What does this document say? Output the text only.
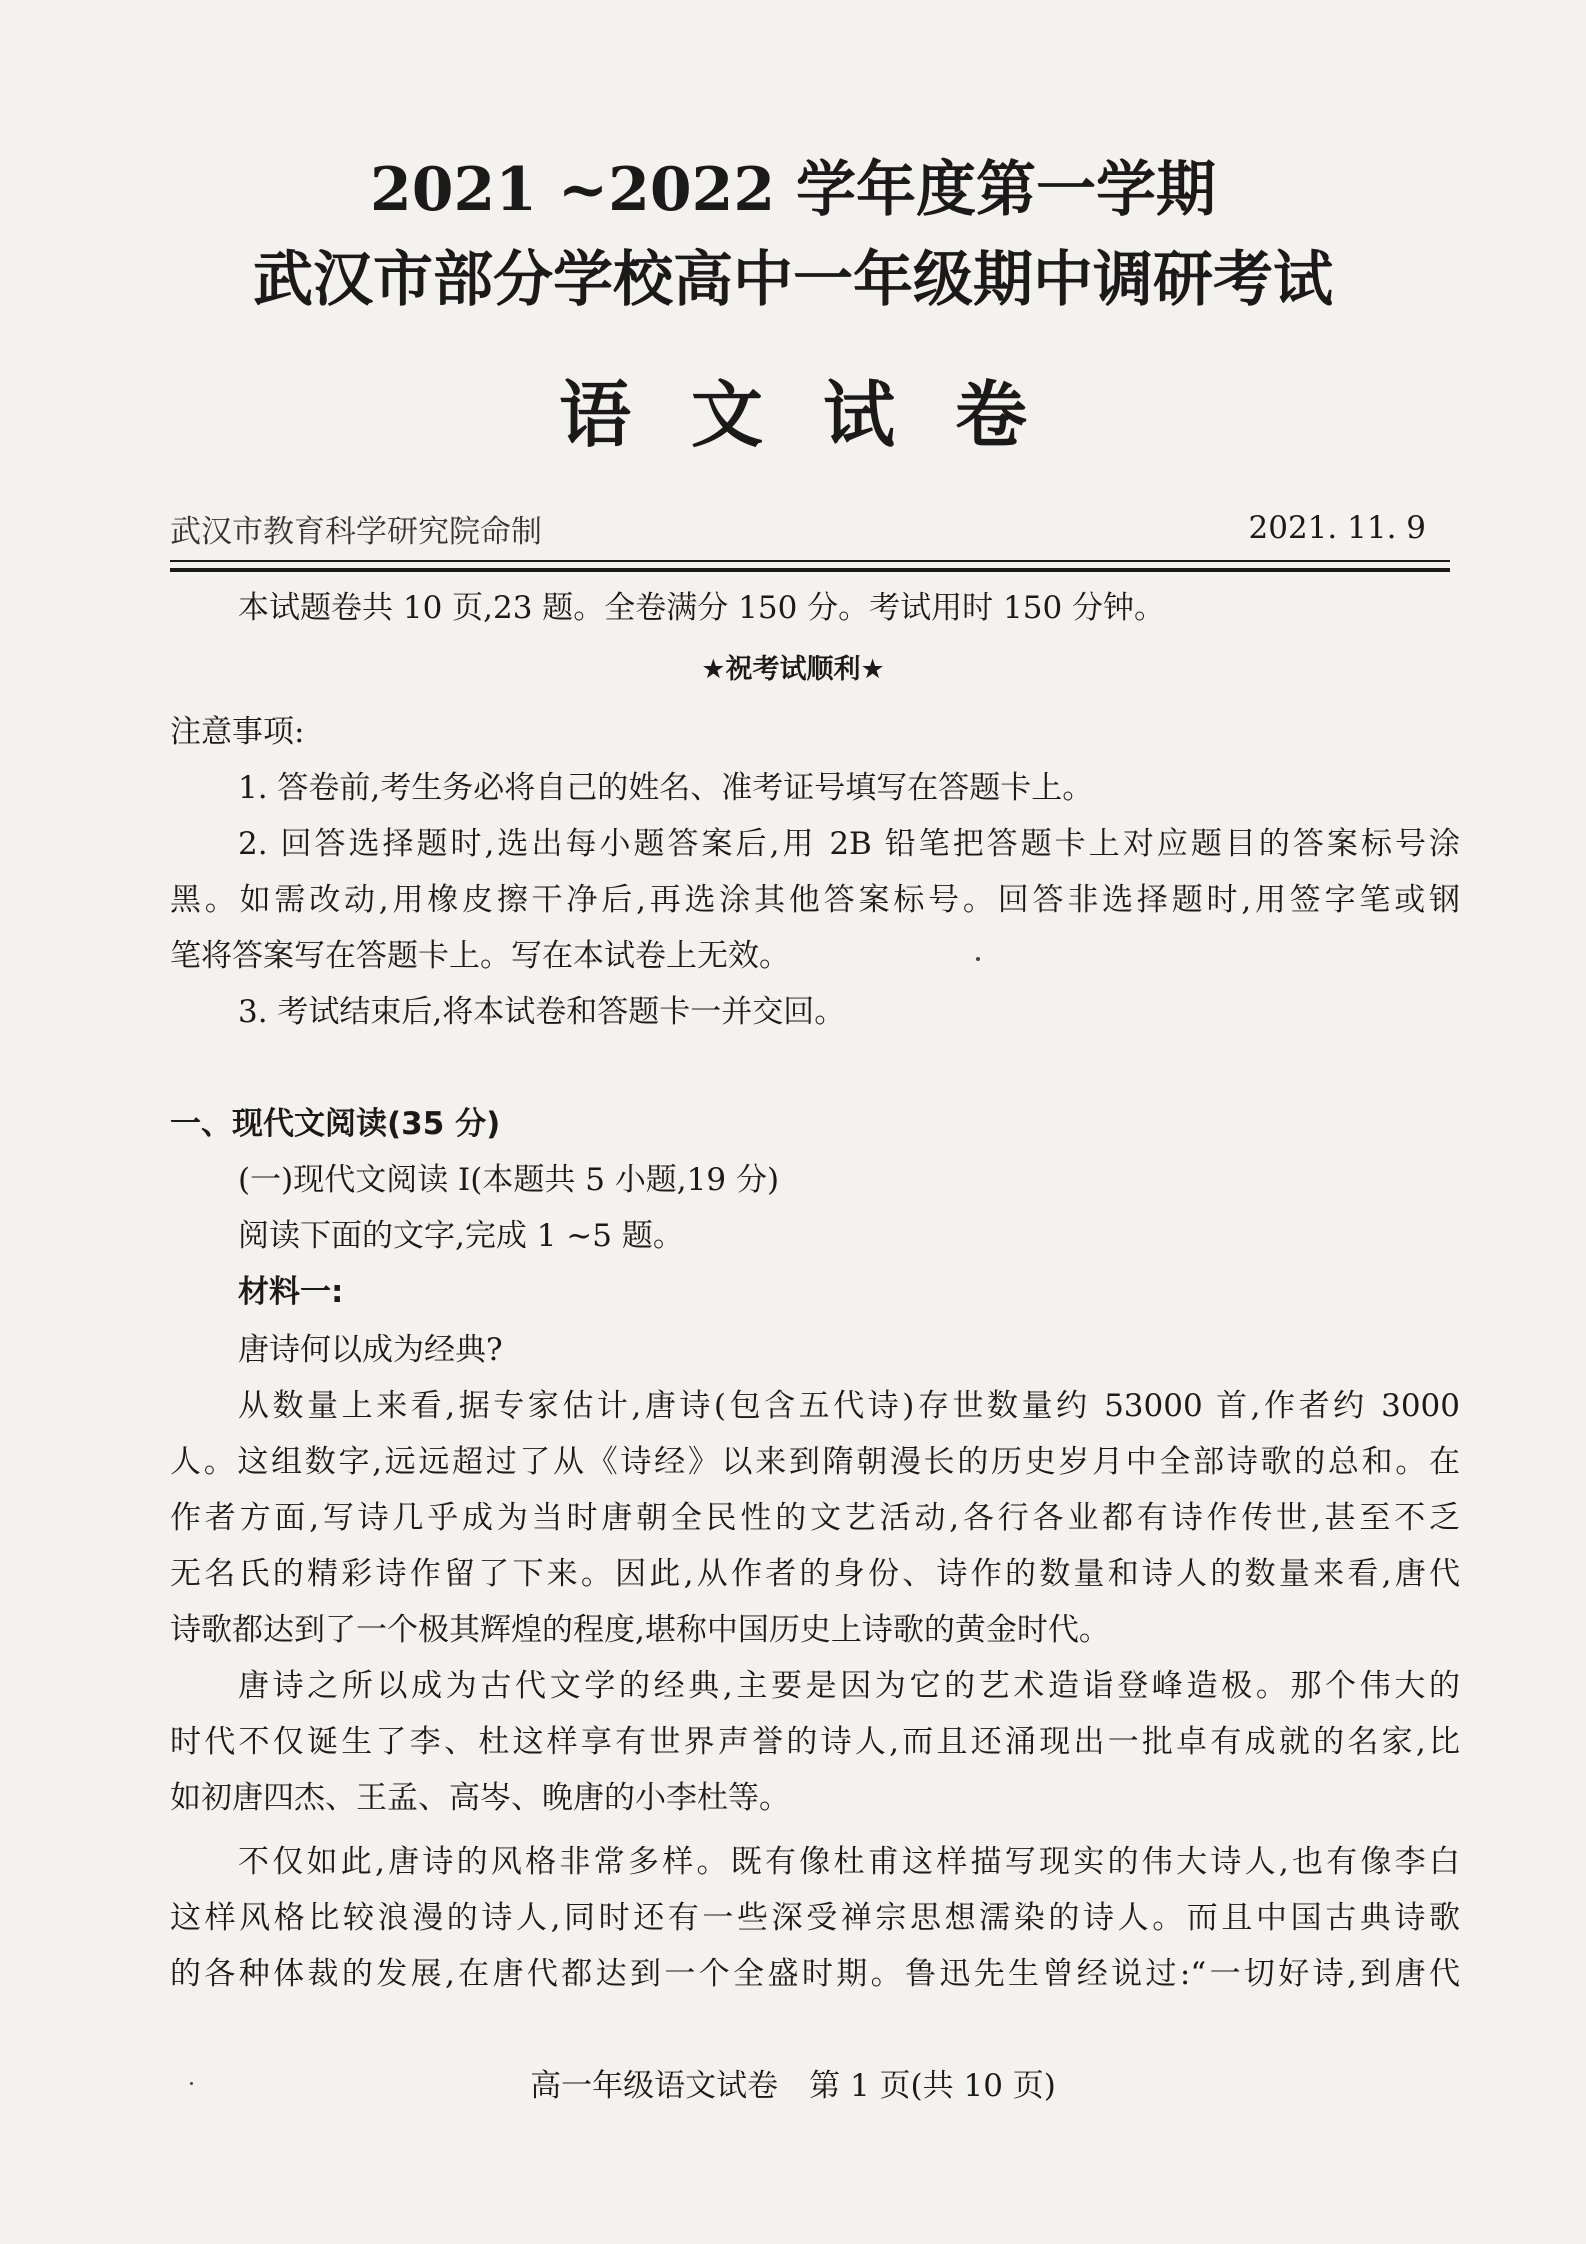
2021 ~2022 学年度第一学期
武汉市部分学校高中一年级期中调研考试
语文试卷
武汉市教育科学研究院命制	2021. 11. 9
本试题卷共 10 页,23 题。全卷满分 150 分。考试用时 150 分钟。
★祝考试顺利★
注意事项:
1. 答卷前,考生务必将自己的姓名、准考证号填写在答题卡上。
2. 回答选择题时,选出每小题答案后,用 2B 铅笔把答题卡上对应题目的答案标号涂
黑。如需改动,用橡皮擦干净后,再选涂其他答案标号。回答非选择题时,用签字笔或钢
笔将答案写在答题卡上。写在本试卷上无效。
3. 考试结束后,将本试卷和答题卡一并交回。
一、现代文阅读(35 分)
(一)现代文阅读 I(本题共 5 小题,19 分)
阅读下面的文字,完成 1 ~5 题。
材料一:
唐诗何以成为经典?
从数量上来看,据专家估计,唐诗(包含五代诗)存世数量约 53000 首,作者约 3000
人。这组数字,远远超过了从《诗经》以来到隋朝漫长的历史岁月中全部诗歌的总和。在
作者方面,写诗几乎成为当时唐朝全民性的文艺活动,各行各业都有诗作传世,甚至不乏
无名氏的精彩诗作留了下来。因此,从作者的身份、诗作的数量和诗人的数量来看,唐代
诗歌都达到了一个极其辉煌的程度,堪称中国历史上诗歌的黄金时代。
唐诗之所以成为古代文学的经典,主要是因为它的艺术造诣登峰造极。那个伟大的
时代不仅诞生了李、杜这样享有世界声誉的诗人,而且还涌现出一批卓有成就的名家,比
如初唐四杰、王孟、高岑、晚唐的小李杜等。
不仅如此,唐诗的风格非常多样。既有像杜甫这样描写现实的伟大诗人,也有像李白
这样风格比较浪漫的诗人,同时还有一些深受禅宗思想濡染的诗人。而且中国古典诗歌
的各种体裁的发展,在唐代都达到一个全盛时期。鲁迅先生曾经说过:“一切好诗,到唐代
高一年级语文试卷　第 1 页(共 10 页)
